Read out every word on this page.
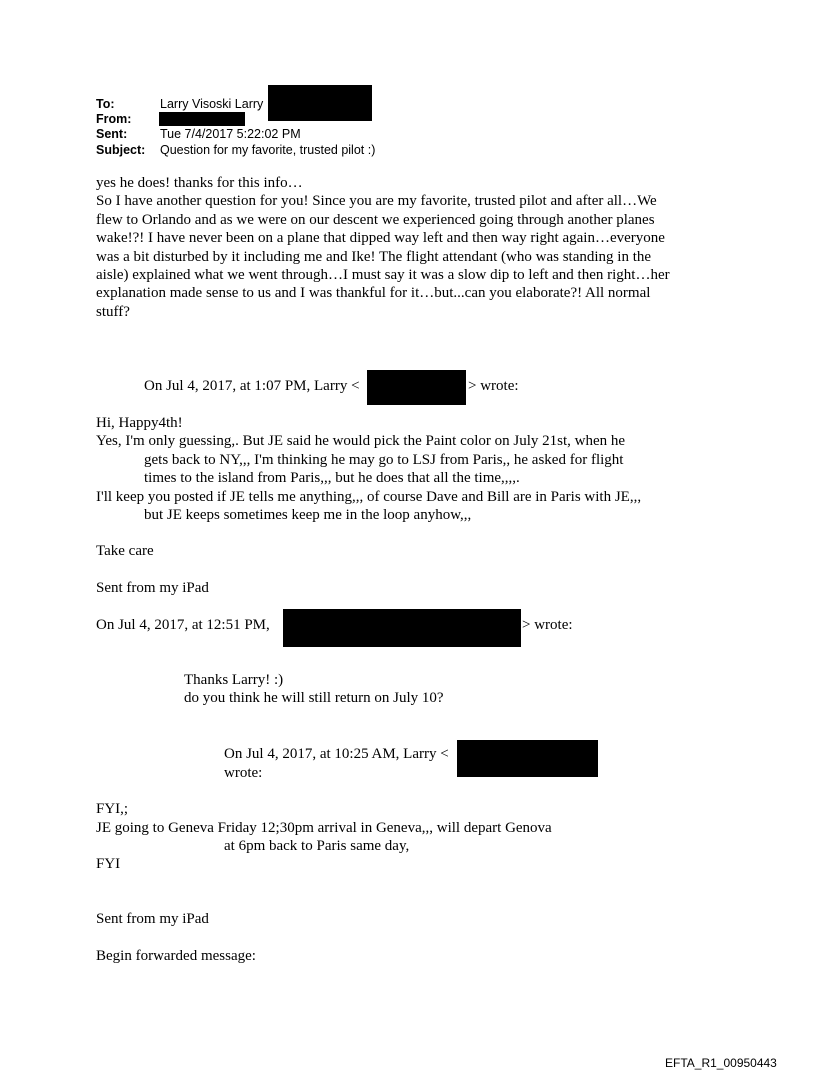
To:	Larry Visoski Larry
From:
Sent:	Tue 7/4/2017 5:22:02 PM
Subject: Question for my favorite, trusted pilot :)
yes he does! thanks for this info…
So I have another question for you! Since you are my favorite, trusted pilot and after all…We
flew to Orlando and as we were on our descent we experienced going through another planes
wake!?! I have never been on a plane that dipped way left and then way right again…everyone
was a bit disturbed by it including me and Ike! The flight attendant (who was standing in the
aisle) explained what we went through…I must say it was a slow dip to left and then right…her
explanation made sense to us and I was thankful for it…but...can you elaborate?! All normal
stuff?
On Jul 4, 2017, at 1:07 PM, Larry <	> wrote:
Hi, Happy4th!
Yes, I'm only guessing,. But JE said he would pick the Paint color on July 21st, when he
gets back to NY,,, I'm thinking he may go to LSJ from Paris,, he asked for flight
times to the island from Paris,,, but he does that all the time,,,,.
I'll keep you posted if JE tells me anything,,, of course Dave and Bill are in Paris with JE,,,
but JE keeps sometimes keep me in the loop anyhow,,,
Take care
Sent from my iPad
On Jul 4, 2017, at 12:51 PM,	> wrote:
Thanks Larry! :)
do you think he will still return on July 10?
On Jul 4, 2017, at 10:25 AM, Larry <
wrote:
FYI,;
JE going to Geneva Friday 12;30pm arrival in Geneva,,, will depart Genova
at 6pm back to Paris same day,
FYI
Sent from my iPad
Begin forwarded message:
EFTA_R1_00950443
